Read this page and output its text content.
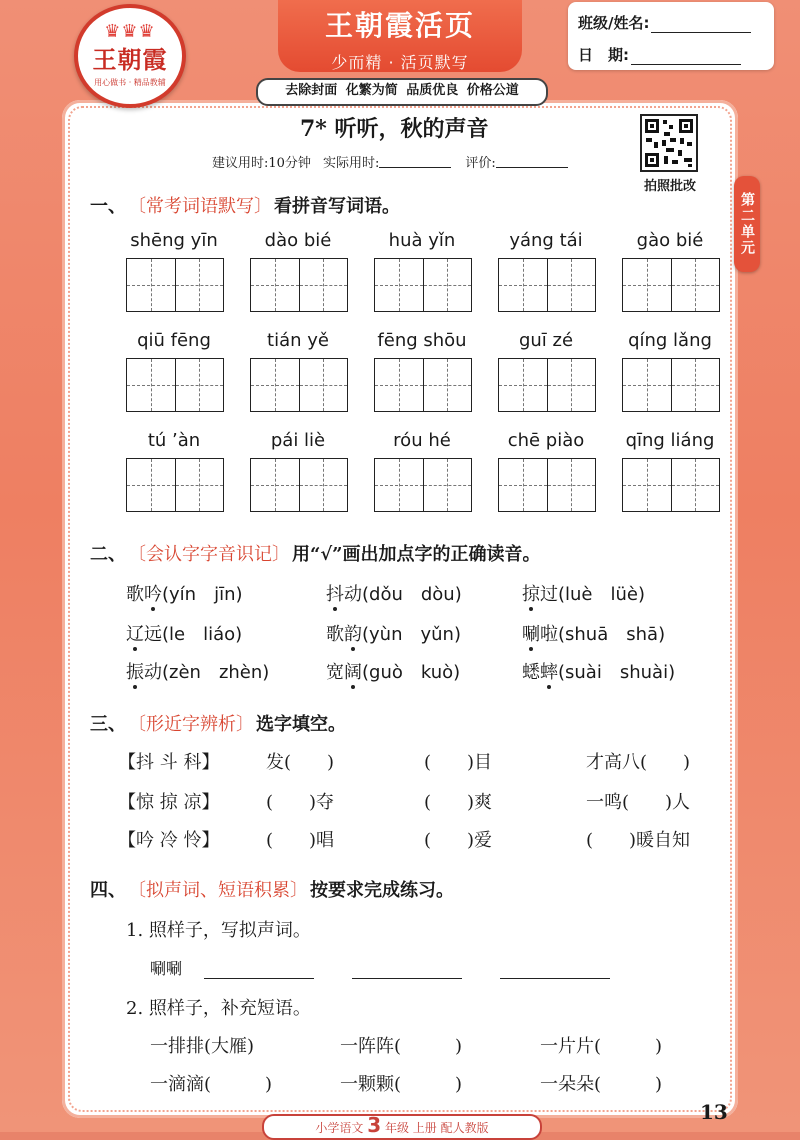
♛♛♛
王朝霞
用心做书 · 精品教辅
王朝霞活页
少而精 · 活页默写
班级/姓名:
日　期:
去除封面 化繁为简 品质优良 价格公道
7* 听听，秋的声音
建议用时:10分钟 实际用时:	评价:
拍照批改
第二单元
一、 〔常考词语默写〕 看拼音写词语。
shēng yīn	dào bié	huà yǐn	yáng tái	gào bié
qiū fēng	tián yě	fēng shōu	guī zé	qíng lǎng
tú ’àn	pái liè	róu hé	chē piào	qīng liáng
二、 〔会认字字音识记〕 用“√”画出加点字的正确读音。
歌吟(yín　jīn)	抖动(dǒu　dòu)	掠过(luè　lüè)
辽远(le　liáo)	歌韵(yùn　yǔn)	唰啦(shuā　shā)
振动(zèn　zhèn)	宽阔(guò　kuò)	蟋蟀(suài　shuài)
三、 〔形近字辨析〕 选字填空。
【抖 斗 科】	发(　　)	(　　)目	才高八(　　)
【惊 掠 凉】	(　　)夺	(　　)爽	一鸣(　　)人
【吟 冷 怜】	(　　)唱	(　　)爱	(　　)暖自知
四、 〔拟声词、短语积累〕 按要求完成练习。
1. 照样子，写拟声词。
唰唰
2. 照样子，补充短语。
一排排(大雁)	一阵阵(　　　)	一片片(　　　)
一滴滴(　　　)	一颗颗(　　　)	一朵朵(　　　)
13
小学语文 3 年级 上册 配人教版
